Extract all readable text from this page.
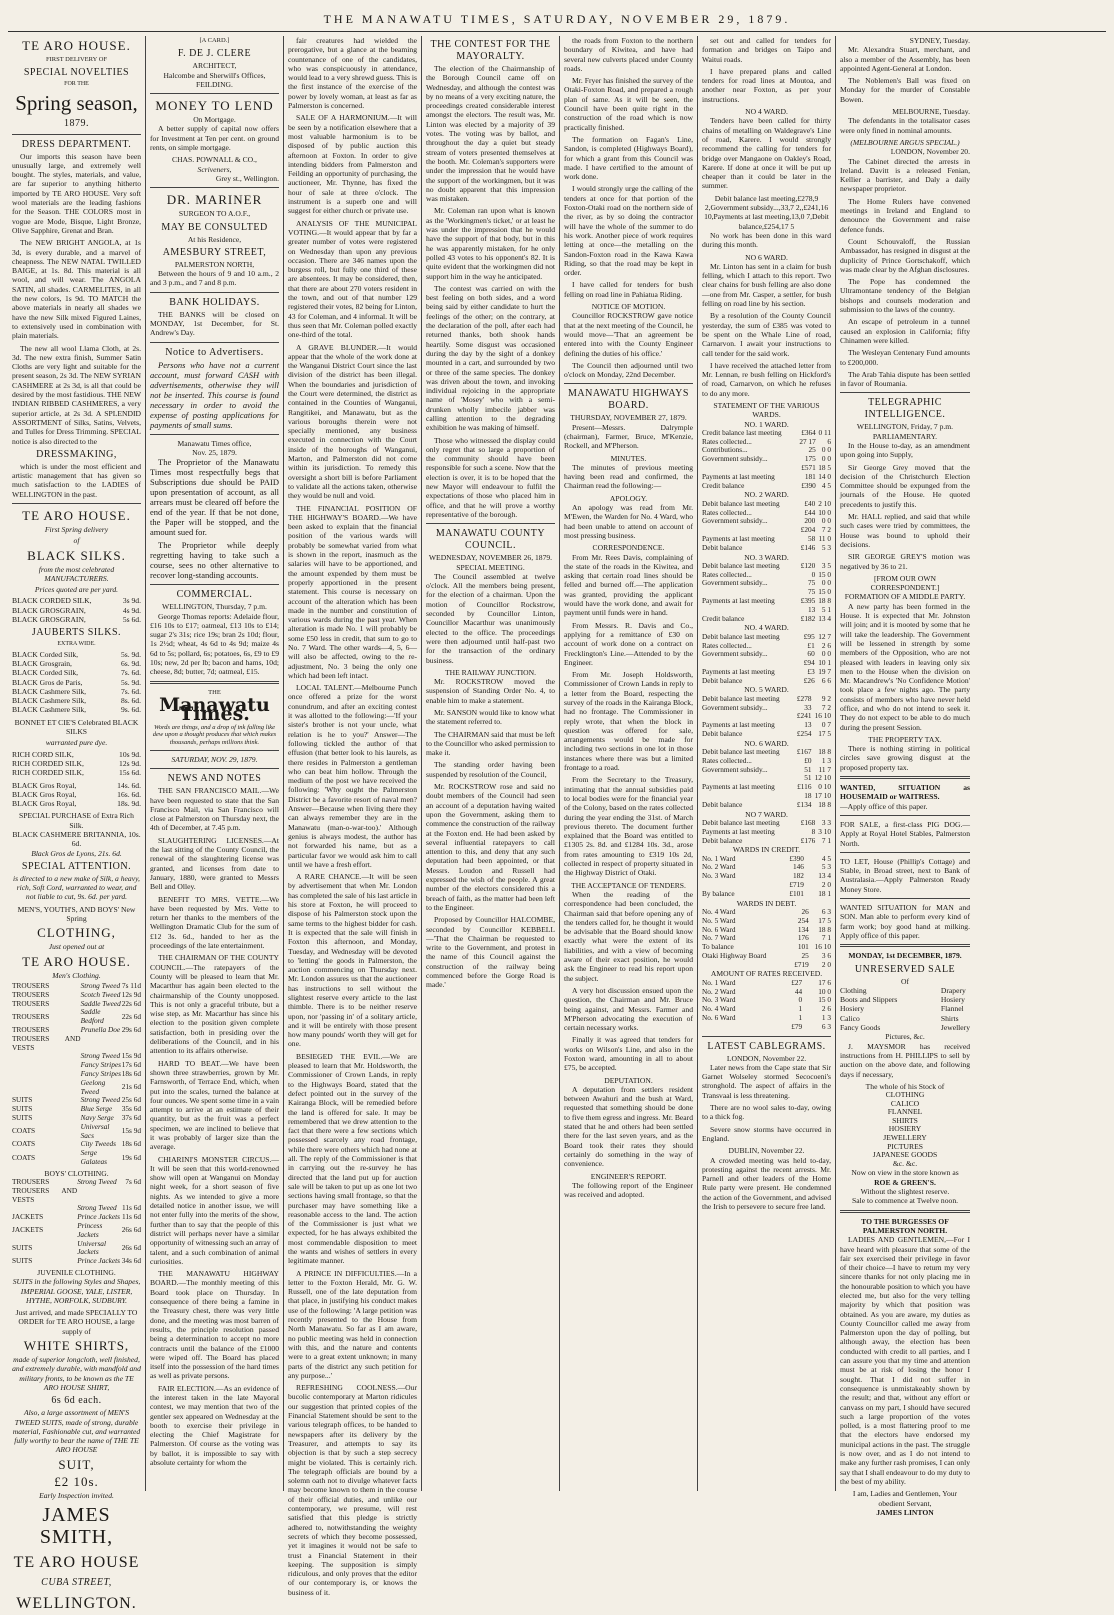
THE MANAWATU TIMES, SATURDAY, NOVEMBER 29, 1879.
TE ARO HOUSE.
FIRST DELIVERY OF
SPECIAL NOVELTIES
FOR THE
Spring season,
1879.
DRESS DEPARTMENT.

Our imports this season have been unusually large, and extremely well bought. The styles, materials, and value, are far superior to anything hitherto imported by TE ARO HOUSE. Very soft wool materials are the leading fashions for the Season. THE COLORS most in vogue are Mode, Bisque, Light Bronze, Olive Sapphire, Grenat and Bran.

The NEW BRIGHT ANGOLA, at 1s 3d, is every durable, and a marvel of cheapness. The NEW NATAL TWILLED BAIGE, at 1s. 8d. This material is all wool, and will wear. The ANGOLA SATIN, all shades. CARMELITES, in all the new colors, 1s 9d. TO MATCH the above materials in nearly all shades we have the new Silk mixed Figured Laines, to extensively used in combination with plain materials.

The new all wool Llama Cloth, at 2s. 3d. The new extra finish, Summer Satin Cloths are very light and suitable for the present season, 2s 3d. The NEW SYRIAN CASHMERE at 2s 3d, is all that could be desired by the most fastidious. THE NEW INDIAN RIBBED CASHMERES, a very superior article, at 2s 3d. A SPLENDID ASSORTMENT of Silks, Satins, Velvets, and Tulles for Dress Trimming. SPECIAL notice is also directed to the

DRESSMAKING,

which is under the most efficient and artistic management that has given so much satisfaction to the LADIES of WELLINGTON in the past.

TE ARO HOUSE.
First Spring delivery
of
BLACK SILKS.
from the most celebrated MANUFACTURERS.
Prices quoted are per yard.
BLACK CORDED SILK,	3s 9d.
BLACK GROSGRAIN,	4s 9d.
BLACK GROSGRAIN,	5s 6d.
JAUBERTS SILKS.
EXTRA WIDE.
BLACK Corded Silk,	5s. 9d.
BLACK Grosgrain,	6s. 9d.
BLACK Corded Silk,	7s. 6d.
BLACK Gros de Paris,	5s. 9d.
BLACK Cashmere Silk,	7s. 6d.
BLACK Cashmere Silk,	8s. 6d.
BLACK Cashmere Silk,	9s. 6d.
BONNET ET CIE'S Celebrated BLACK SILKS
warranted pure dye.
RICH CORD SILK,	10s 9d.
RICH CORDED SILK,	12s 9d.
RICH CORDED SILK,	15s 6d.
BLACK Gros Royal,	14s. 6d.
BLACK Gros Royal,	16s. 6d.
BLACK Gros Royal,	18s. 9d.
SPECIAL PURCHASE of Extra Rich Silk.
BLACK CASHMERE BRITANNIA, 10s. 6d.
Black Gros de Lyons, 21s. 6d.
SPECIAL ATTENTION.
is directed to a new make of Silk, a heavy, rich, Soft Cord, warranted to wear, and not liable to cut, 9s. 6d. per yard.
MEN'S, YOUTH'S, AND BOYS' New Spring
CLOTHING,
Just opened out at
TE ARO HOUSE.
Men's Clothing.
TROUSERS	Strong Tweed	7s 11d
TROUSERS	Scotch Tweed	12s 9d
TROUSERS	Saddle Tweed	22s 6d
TROUSERS	Saddle Bedford	22s 6d
TROUSERS	Prunella Doe	29s 6d
TROUSERS AND VESTS		
	Strong Tweed	15s 9d
	Fancy Stripes	17s 6d
	Fancy Stripes	18s 6d
	Geelong Tweed	21s 6d
SUITS	Strong Tweed	25s 6d
SUITS	Blue Serge	35s 6d
SUITS	Navy Serge	37s 6d
COATS	Universal Sacs	15s 9d
COATS	City Tweeds	18s 6d
COATS	Serge Galateas	19s 6d
BOYS' CLOTHING.
TROUSERS	Strong Tweed	7s 6d
TROUSERS AND VESTS		
	Strong Tweed	11s 6d
JACKETS	Prince Jackets	11s 6d
JACKETS	Princess Jackets	26s 6d
SUITS	Universal Jackets	26s 6d
SUITS	Prince Jackets	34s 6d
JUVENILE CLOTHING.
SUITS in the following Styles and Shapes, IMPERIAL GOOSE, YALE, LISTER, HYTHE, NORFOLK, SUDBURY.
Just arrived, and made SPECIALLY TO ORDER for TE ARO HOUSE, a large supply of
WHITE SHIRTS,
made of superior longcloth, well finished, and extremely durable, with mandfold and military fronts, to be known as the TE ARO HOUSE SHIRT,
6s 6d each.
Also, a large assortment of MEN'S TWEED SUITS, made of strong, durable material, Fashionable cut, and warranted fully worthy to bear the name of THE TE ARO HOUSE
SUIT,
£2 10s.
Early Inspection invited.
JAMES SMITH,
TE ARO HOUSE
CUBA STREET,
WELLINGTON.
[A CARD.]
F. DE J. CLERE
ARCHITECT,
Halcombe and Sherwill's Offices, FEILDING.
MONEY TO LEND
On Mortgage.

A better supply of capital now offers for Investment at Ten per cent. on ground rents, on simple mortgage.

CHAS. POWNALL & CO.,
Scriveners,
Grey st., Wellington.
DR. MARINER
SURGEON TO A.O.F.,
MAY BE CONSULTED
At his Residence,
AMESBURY STREET,
PALMERSTON NORTH,

Between the hours of 9 and 10 a.m., 2 and 3 p.m., and 7 and 8 p.m.

BANK HOLIDAYS.

THE BANKS will be closed on MONDAY, 1st December, for St. Andrew's Day.

Notice to Advertisers.

Persons who have not a current account, must forward CASH with advertisements, otherwise they will not be inserted. This course is found necessary in order to avoid the expense of posting applications for payments of small sums.

Manawatu Times office,
Nov. 25, 1879.

The Proprietor of the Manawatu Times most respectfully begs that Subscriptions due should be PAID upon presentation of account, as all arrears must be cleared off before the end of the year. If that be not done, the Paper will be stopped, and the amount sued for.

The Proprietor while deeply regretting having to take such a course, sees no other alternative to recover long-standing accounts.

COMMERCIAL.
WELLINGTON, Thursday, 7 p.m.

George Thomas reports: Adelaide flour, £16 10s to £17; oatmeal, £13 10s to £14; sugar 2's 31s; rice 19s; bran 2s 10d; flour, 1s 2½d; wheat, 4s 6d to 4s 9d; maize 4s 6d to 5s; pollard, 6s; potatoes, 6s, £9 to £9 10s; new, 2d per lb; bacon and hams, 10d; cheese, 8d; butter, 7d; oatmeal, £15.

THE
Manawatu Times.
Words are things, and a drop of ink falling like dew upon a thought produces that which makes thousands, perhaps millions think.
SATURDAY, NOV. 29, 1879.
NEWS AND NOTES

THE SAN FRANCISCO MAIL.—We have been requested to state that the San Francisco Mail, via San Francisco will close at Palmerston on Thursday next, the 4th of December, at 7.45 p.m.

SLAUGHTERING LICENSES.—At the last sitting of the County Council, the renewal of the slaughtering license was granted, and licenses from date to January, 1880, were granted to Messrs Bell and Olley.

BENEFIT TO MRS. VETTE.—We have been requested by Mrs. Vette to return her thanks to the members of the Wellington Dramatic Club for the sum of £12 3s. 6d., handed to her as the proceedings of the late entertainment.

THE CHAIRMAN OF THE COUNTY COUNCIL.—The ratepayers of the County will be pleased to learn that Mr. Macarthur has again been elected to the chairmanship of the County unopposed. This is not only a graceful tribute, but a wise step, as Mr. Macarthur has since his election to the position given complete satisfaction, both in presiding over the deliberations of the Council, and in his attention to its affairs otherwise.

HARD TO BEAT.—We have been shown three strawberries, grown by Mr. Farnsworth, of Terrace End, which, when put into the scales, turned the balance at four ounces. We spent some time in a vain attempt to arrive at an estimate of their quantity, but as the fruit was a perfect specimen, we are inclined to believe that it was probably of larger size than the average.

CHIARINI'S MONSTER CIRCUS.—It will be seen that this world-renowned show will open at Wanganui on Monday night week, for a short season of five nights. As we intended to give a more detailed notice in another issue, we will not enter fully into the merits of the show, further than to say that the people of this district will perhaps never have a similar opportunity of witnessing such an array of talent, and a such combination of animal curiosities.

THE MANAWATU HIGHWAY BOARD.—The monthly meeting of this Board took place on Thursday. In consequence of there being a famine in the Treasury chest, there was very little done, and the meeting was most barren of results, the principle resolution passed being a determination to accept no more contracts until the balance of the £1000 were wiped off. The Board has placed itself into the possession of the hard times as well as private persons.

FAIR ELECTION.—As an evidence of the interest taken in the late Mayoral contest, we may mention that two of the gentler sex appeared on Wednesday at the booth to exercise their privilege in electing the Chief Magistrate for Palmerston. Of course as the voting was by ballot, it is impossible to say with absolute certainty for whom the

fair creatures had wielded the prerogative, but a glance at the beaming countenance of one of the candidates, who was conspicuously in attendance, would lead to a very shrewd guess. This is the first instance of the exercise of the power by lovely woman, at least as far as Palmerston is concerned.

SALE OF A HARMONIUM.—It will be seen by a notification elsewhere that a most valuable harmonium is to be disposed of by public auction this afternoon at Foxton. In order to give intending bidders from Palmerston and Feilding an opportunity of purchasing, the auctioneer, Mr. Thynne, has fixed the hour of sale at three o'clock. The instrument is a superb one and will suggest for either church or private use.

ANALYSIS OF THE MUNICIPAL VOTING.—It would appear that by far a greater number of votes were registered on Wednesday than upon any previous occasion. There are 346 names upon the burgess roll, but fully one third of these are absentees. It may be considered, then, that there are about 270 voters resident in the town, and out of that number 129 registered their votes, 82 being for Linton, 43 for Coleman, and 4 informal. It will be thus seen that Mr. Coleman polled exactly one-third of the total.

A GRAVE BLUNDER.—It would appear that the whole of the work done at the Wanganui District Court since the last division of the district has been illegal. When the boundaries and jurisdiction of the Court were determined, the district as contained in the Counties of Wanganui, Rangitikei, and Manawatu, but as the various boroughs therein were not specially mentioned, any business executed in connection with the Court inside of the boroughs of Wanganui, Marton, and Palmerston did not come within its jurisdiction. To remedy this oversight a short bill is before Parliament to validate all the actions taken, otherwise they would be null and void.

THE FINANCIAL POSITION OF THE HIGHWAY'S BOARD.—We have been asked to explain that the financial position of the various wards will probably be somewhat varied from what is shown in the report, inasmuch as the salaries will have to be apportioned, and the amount expended by them must be properly apportioned in the present statement. This course is necessary on account of the alteration which has been made in the number and constitution of various wards during the past year. When alteration is made No. 1 will probably be some £50 less in credit, that sum to go to No. 7 Ward. The other wards—4, 5, 6—will also be affected, owing to the re-adjustment, No. 3 being the only one which had been left intact.

LOCAL TALENT.—Melbourne Punch once offered a prize for the worst conundrum, and after an exciting contest it was allotted to the following:—'If your sister's brother is not your uncle, what relation is he to you?' Answer—The following tickled the author of that effusion (that better look to his laurels, as there resides in Palmerston a gentleman who can beat him hollow. Through the medium of the post we have received the following: 'Why ought the Palmerston District be a favorite resort of naval men? Answer—Because when living there they can always remember they are in the Manawatu (man-o-war-too).' Although genius is always modest, the author has not forwarded his name, but as a particular favor we would ask him to call until we have a fresh effort.

A RARE CHANCE.—It will be seen by advertisement that when Mr. London has completed the sale of his last article in his store at Foxton, he will proceed to dispose of his Palmerston stock upon the same terms to the highest bidder for cash. It is expected that the sale will finish in Foxton this afternoon, and Monday, Tuesday, and Wednesday will be devoted to 'letting' the goods in Palmerston, the auction commencing on Thursday next. Mr. London assures us that the auctioneer has instructions to sell without the slightest reserve every article to the last thimble. There is to be neither reserve upon, nor 'passing in' of a solitary article, and it will be entirely with those present how many pounds' worth they will get for one.

BESIEGED THE EVIL.—We are pleased to learn that Mr. Holdsworth, the Commissioner of Crown Lands, in reply to the Highways Board, stated that the defect pointed out in the survey of the Kairanga Block, will be remedied before the land is offered for sale. It may be remembered that we drew attention to the fact that there were a few sections which possessed scarcely any road frontage, while there were others which had none at all. The reply of the Commissioner is that in carrying out the re-survey he has directed that the land put up for auction sale will be taken to put up as one lot two sections having small frontage, so that the purchaser may have something like a reasonable access to the land. The action of the Commissioner is just what we expected, for he has always exhibited the most commendable disposition to meet the wants and wishes of settlers in every legitimate manner.

A PRINCE IN DIFFICULTIES.—In a letter to the Foxton Herald, Mr. G. W. Russell, one of the late deputation from that place, in justifying his conduct makes use of the following: 'A large petition was recently presented to the House from North Manawatu. So far as I am aware, no public meeting was held in connection with this, and the nature and contents were to a great extent unknown; in many parts of the district any such petition for any purpose...'

REFRESHING COOLNESS.—Our bucolic contemporary at Marton ridicules our suggestion that printed copies of the Financial Statement should be sent to the various telegraph offices, to be handed to newspapers after its delivery by the Treasurer, and attempts to say its objection is that by such a step secrecy might be violated. This is certainly rich. The telegraph officials are bound by a solemn oath not to divulge whatever facts may become known to them in the course of their official duties, and unlike our contemporary, we presume, will rest satisfied that this pledge is strictly adhered to, notwithstanding the weighty secrets of which they become possessed, yet it imagines it would not be safe to trust a Financial Statement in their keeping. The supposition is simply ridiculous, and only proves that the editor of our contemporary is, or knows the business of it.

THE CONTEST FOR THE MAYORALTY.

The election of the Chairmanship of the Borough Council came off on Wednesday, and although the contest was by no means of a very exciting nature, the proceedings created considerable interest amongst the electors. The result was, Mr. Linton was elected by a majority of 39 votes. The voting was by ballot, and throughout the day a quiet but steady stream of voters presented themselves at the booth. Mr. Coleman's supporters were under the impression that he would have the support of the workingmen, but it was no doubt apparent that this impression was mistaken.

Mr. Coleman ran upon what is known as the 'Workingmen's ticket,' or at least he was under the impression that he would have the support of that body, but in this he was apparently mistaken, for he only polled 43 votes to his opponent's 82. It is quite evident that the workingmen did not support him in the way he anticipated.

The contest was carried on with the best feeling on both sides, and a word being said by either candidate to hurt the feelings of the other; on the contrary, at the declaration of the poll, after each had returned thanks, both shook hands heartily. Some disgust was occasioned during the day by the sight of a donkey mounted in a cart, and surrounded by two or three of the same species. The donkey was driven about the town, and invoking individual rejoicing in the appropriate name of 'Mosey' who with a semi-drunken wholly imbecile jabber was calling attention to the degrading exhibition he was making of himself.

Those who witnessed the display could only regret that so large a proportion of the community should have been responsible for such a scene. Now that the election is over, it is to be hoped that the new Mayor will endeavour to fulfil the expectations of those who placed him in office, and that he will prove a worthy representative of the borough.

MANAWATU COUNTY COUNCIL.
WEDNESDAY, NOVEMBER 26, 1879.
SPECIAL MEETING.

The Council assembled at twelve o'clock. All the members being present, for the election of a chairman. Upon the motion of Councillor Rockstrow, seconded by Councillor Linton, Councillor Macarthur was unanimously elected to the office. The proceedings were then adjourned until half-past two for the transaction of the ordinary business.

THE RAILWAY JUNCTION.

Mr. ROCKSTROW moved the suspension of Standing Order No. 4, to enable him to make a statement.

Mr. SANSON would like to know what the statement referred to.

The CHAIRMAN said that must be left to the Councillor who asked permission to make it.

The standing order having been suspended by resolution of the Council,

Mr. ROCKSTROW rose and said no doubt members of the Council had seen an account of a deputation having waited upon the Government, asking them to commence the construction of the railway at the Foxton end. He had been asked by several influential ratepayers to call attention to this, and deny that any such deputation had been appointed, or that Messrs. Loudon and Russell had expressed the wish of the people. A great number of the electors considered this a breach of faith, as the matter had been left to the Engineer.

Proposed by Councillor HALCOMBE, seconded by Councillor KEBBELL—'That the Chairman be requested to write to the Government, and protest in the name of this Council against the construction of the railway being commenced before the Gorge Road is made.'

the roads from Foxton to the northern boundary of Kiwitea, and have had several new culverts placed under County roads.

Mr. Fryer has finished the survey of the Otaki-Foxton Road, and prepared a rough plan of same. As it will be seen, the Council have been quite right in the construction of the road which is now practically finished.

The formation on Fagan's Line, Sandon, is completed (Highways Board), for which a grant from this Council was made. I have certified to the amount of work done.

I would strongly urge the calling of the tenders at once for that portion of the Foxton-Otaki road on the northern side of the river, as by so doing the contractor will have the whole of the summer to do his work. Another piece of work requires letting at once—the metalling on the Sandon-Foxton road in the Kawa Kawa Riding, so that the road may be kept in order.

I have called for tenders for bush felling on road line in Pahiatua Riding.

NOTICE OF MOTION.

Councillor ROCKSTROW gave notice that at the next meeting of the Council, he would move—'That an agreement be entered into with the County Engineer defining the duties of his office.'

The Council then adjourned until two o'clock on Monday, 22nd December.

MANAWATU HIGHWAYS BOARD.
THURSDAY, NOVEMBER 27, 1879.

Present—Messrs. Dalrymple (chairman), Farmer, Bruce, M'Kenzie, Rockell, and M'Pherson.

MINUTES.

The minutes of previous meeting having been read and confirmed, the Chairman read the following:—

APOLOGY.

An apology was read from Mr. M'Ewen, the Warden for No. 4 Ward, who had been unable to attend on account of most pressing business.

CORRESPONDENCE.

From Mr. Rees Davis, complaining of the state of the roads in the Kiwitea, and asking that certain road lines should be felled and burned off.—The application was granted, providing the applicant would have the work done, and await for payment until funds were in hand.

From Messrs. R. Davis and Co., applying for a remittance of £30 on account of work done on a contract on Frecklington's Line.—Attended to by the Engineer.

From Mr. Joseph Holdsworth, Commissioner of Crown Lands in reply to a letter from the Board, respecting the survey of the roads in the Kairanga Block, had no frontage. The Commissioner in reply wrote, that when the block in question was offered for sale, arrangements would be made for including two sections in one lot in those instances where there was but a limited frontage to a road.

From the Secretary to the Treasury, intimating that the annual subsidies paid to local bodies were for the financial year of the Colony, based on the rates collected during the year ending the 31st. of March previous thereto. The document further explained that the Board was entitled to £1305 2s. 8d. and £1284 10s. 3d., arose from rates amounting to £319 10s 2d, collected in respect of property situated in the Highway District of Otaki.

THE ACCEPTANCE OF TENDERS.

When the reading of the correspondence had been concluded, the Chairman said that before opening any of the tenders called for, he thought it would be advisable that the Board should know exactly what were the extent of its liabilities, and with a view of becoming aware of their exact position, he would ask the Engineer to read his report upon the subject.

A very hot discussion ensued upon the question, the Chairman and Mr. Bruce being against, and Messrs. Farmer and M'Pherson advocating the execution of certain necessary works.

Finally it was agreed that tenders for works on Wilson's Line, and also in the Foxton ward, amounting in all to about £75, be accepted.

DEPUTATION.

A deputation from settlers resident between Awahuri and the bush at Ward, requested that something should be done to five them egress and ingress. Mr. Beard stated that he and others had been settled there for the last seven years, and as the Board took their rates they should certainly do something in the way of convenience.

ENGINEER'S REPORT.

The following report of the Engineer was received and adopted.

set out and called for tenders for formation and bridges on Taipo and Waitui roads.

I have prepared plans and called tenders for road lines at Moutoa, and another near Foxton, as per your instructions.

NO 4 WARD.

Tenders have been called for thirty chains of metalling on Waldegrave's Line of road, Karere. I would strongly recommend the calling for tenders for bridge over Mangaone on Oakley's Road, Karere. If done at once it will be put up cheaper than it could be later in the summer.

Debit balance last meeting,£278,9 2,Government subsidy...,33,7 2,,£241,16 10,Payments at last meeting,13,0 7,Debit balance,£254,17 5

No work has been done in this ward during this month.

NO 6 WARD.

Mr. Linton has sent in a claim for bush felling, which I attach to this report. Two clear chains for bush felling are also done—one from Mr. Casper, a settler, for bush felling on road line by his section.

By a resolution of the County Council yesterday, the sum of £385 was voted to be spent on the Whale Line of road, Carnarvon. I await your instructions to call tender for the said work.

I have received the attached letter from Mr. Lennan, re bush felling on Hickford's of road, Carnarvon, on which he refuses to do any more.

STATEMENT OF THE VARIOUS WARDS.
NO. 1 WARD.
Credit balance last meeting	£364	0 11
Rates collected...	27 17	6
Contributions...	25	0 0
Government subsidy...	175	0 0
	£571	18 5
Payments at last meeting	181	14 0
Credit balance	£390	4 5
NO. 2 WARD.
Debit balance last meeting	£40	2 10
Rates collected...	£44	10 0
Government subsidy...	200	0 0
	£204	7 2
Payments at last meeting	58	11 0
Debit balance	£146	5 3
NO. 3 WARD.
Debit balance last meeting	£120	3 5
Rates collected...	0	15 0
Government subsidy...	75	0 0
	75	15 0
Payments at last meeting	£395	18 8
	13	5 1
Credit balance	£182	13 4
NO. 4 WARD.
Debit balance last meeting	£95	12 7
Rates collected...	£1	2 6
Government subsidy...	60	0 0
	£94	10 1
Payments at last meeting	£3	19 7
Debit balance	£26	6 6
NO. 5 WARD.
Debit balance last meeting	£278	9 2
Government subsidy...	33	7 2
	£241	16 10
Payments at last meeting	13	0 7
Debit balance	£254	17 5
NO. 6 WARD.
Debit balance last meeting	£167	18 8
Rates collected...	£0	1 3
Government subsidy...	51	11 7
	51	12 10
Payments at last meeting	£116	0 10
	18	17 10
Debit balance	£134	18 8
NO 7 WARD.
Debit balance last meeting	£168	3 3
Payments at last meeting	8	3 10
Debit balance	£176	7 1
WARDS IN CREDIT.
No. 1 Ward	£390	4 5
No. 2 Ward	146	5 3
No. 3 Ward	182	13 4
	£719	2 0
By balance	£101	18 1
WARDS IN DEBT.
No. 4 Ward	26	6 3
No. 5 Ward	254	17 5
No. 6 Ward	134	18 8
No. 7 Ward	176	7 1
To balance	101	16 10
Otaki Highway Board	25	3 6
	£719	2 0
AMOUNT OF RATES RECEIVED.
No. 1 Ward	£27	17 6
No. 2 Ward	44	10 0
No. 3 Ward	0	15 0
No. 4 Ward	1	2 6
No. 6 Ward	1	1 3
	£79	6 3
LATEST CABLEGRAMS.
LONDON, November 22.

Later news from the Cape state that Sir Garnet Wolseley stormed Secocoeni's stronghold. The aspect of affairs in the Transvaal is less threatening.

There are no wool sales to-day, owing to a thick fog.

Severe snow storms have occurred in England.

DUBLIN, November 22.

A crowded meeting was held to-day, protesting against the recent arrests. Mr. Parnell and other leaders of the Home Rule party were present. He condemned the action of the Government, and advised the Irish to persevere to secure free land.

SYDNEY, Tuesday.

Mr. Alexandra Stuart, merchant, and also a member of the Assembly, has been appointed Agent-General at London.

The Noblemen's Ball was fixed on Monday for the murder of Constable Bowen.

MELBOURNE, Tuesday.

The defendants in the totalisator cases were only fined in nominal amounts.

(MELBOURNE ARGUS SPECIAL.)
LONDON, November 20.

The Cabinet directed the arrests in Ireland. Davitt is a released Fenian, Kellier a barrister, and Daly a daily newspaper proprietor.

The Home Rulers have convened meetings in Ireland and England to denounce the Government and raise defence funds.

Count Schouvaloff, the Russian Ambassador, has resigned in disgust at the duplicity of Prince Gortschakoff, which was made clear by the Afghan disclosures.

The Pope has condemned the Ultramontane tendency of the Belgian bishops and counsels moderation and submission to the laws of the country.

An escape of petroleum in a tunnel caused an explosion in California; fifty Chinamen were killed.

The Wesleyan Centenary Fund amounts to £200,000.

The Arab Tahia dispute has been settled in favor of Roumania.

TELEGRAPHIC INTELLIGENCE.
WELLINGTON, Friday, 7 p.m.
PARLIAMENTARY.

In the House to-day, as an amendment upon going into Supply,

Sir George Grey moved that the decision of the Christchurch Election Committee should be expunged from the journals of the House. He quoted precedents to justify this.

Mr. HALL replied, and said that while such cases were tried by committees, the House was bound to uphold their decisions.

SIR GEORGE GREY'S motion was negatived by 36 to 21.

[FROM OUR OWN CORRESPONDENT.]
FORMATION OF A MIDDLE PARTY.

A new party has been formed in the House. It is expected that Mr. Johnston will join; and it is mooted by some that he will take the leadership. The Government will be lessened in strength by some members of the Opposition, who are not pleased with leaders in leaving only six men to the House when the division on Mr. Macandrew's 'No Confidence Motion' took place a few nights ago. The party consists of members who have never held office, and who do not intend to seek it. They do not expect to be able to do much during the present Session.

THE PROPERTY TAX.

There is nothing stirring in political circles save growing disgust at the proposed property tax.

WANTED, SITUATION as HOUSEMAID or WAITRESS.
—Apply office of this paper.
FOR SALE, a first-class PIG DOG.—Apply at Royal Hotel Stables, Palmerston North.
TO LET, House (Phillip's Cottage) and Stable, in Broad street, next to Bank of Australasia.—Apply Palmerston Ready Money Store.
WANTED SITUATION for MAN and SON. Man able to perform every kind of farm work; boy good hand at milking. Apply office of this paper.
MONDAY, 1st DECEMBER, 1879.
UNRESERVED SALE
Of
Clothing
Boots and Slippers
Hosiery
Calico
Fancy Goods
Drapery
Hosiery
Flannel
Shirts
Jewellery
Pictures, &c.

J. MAYSMOR has received instructions from H. PHILLIPS to sell by auction on the above date, and following days if necessary,

The whole of his Stock of
CLOTHING
CALICO
FLANNEL
SHIRTS
HOSIERY
JEWELLERY
PICTURES
JAPANESE GOODS
&c. &c.
Now on view in the store known as
ROE & GREEN'S.
Without the slightest reserve.
Sale to commence at Twelve noon.
TO THE BURGESSES OF PALMERSTON NORTH.

LADIES AND GENTLEMEN,—For I have heard with pleasure that some of the fair sex exercised their privilege in favor of their choice—I have to return my very sincere thanks for not only placing me in the honourable position to which you have elected me, but also for the very telling majority by which that position was obtained. As you are aware, my duties as County Councillor called me away from Palmerston upon the day of polling, but although away, the election has been conducted with credit to all parties, and I can assure you that my time and attention must be at risk of losing the honor I sought. That I did not suffer in consequence is unmistakeably shown by the result; and that, without any effort or canvass on my part, I should have secured such a large proportion of the votes polled, is a most flattering proof to me that the electors have endorsed my municipal actions in the past. The struggle is now over, and as I do not intend to make any further rash promises, I can only say that I shall endeavour to do my duty to the best of my ability.

I am, Ladies and Gentlemen, Your obedient Servant,
JAMES LINTON
